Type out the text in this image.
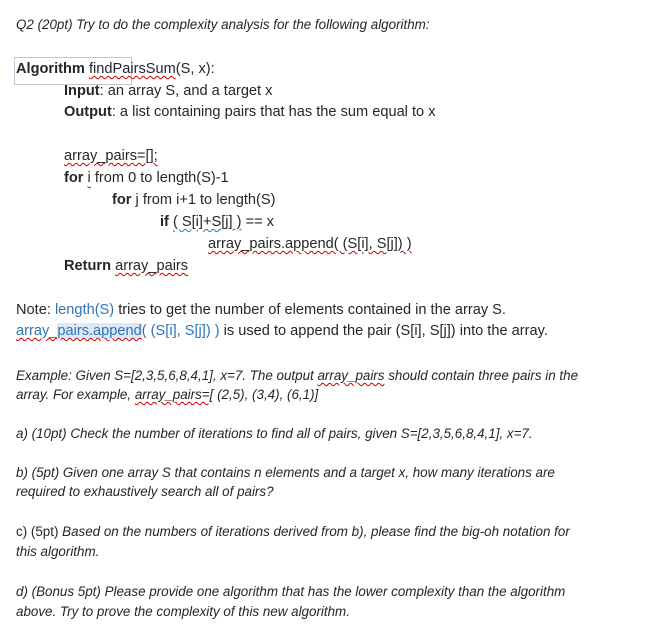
Q2 (20pt) Try to do the complexity analysis for the following algorithm:
Algorithm findPairsSum(S, x):
Input: an array S, and a target x
Output: a list containing pairs that has the sum equal to x
array_pairs=[];
for i from 0 to length(S)-1
for j from i+1 to length(S)
if ( S[i]+S[j] ) == x
array_pairs.append( (S[i], S[j]) )
Return array_pairs
Note: length(S) tries to get the number of elements contained in the array S.
array_pairs.append( (S[i], S[j]) ) is used to append the pair (S[i], S[j]) into the array.
Example: Given S=[2,3,5,6,8,4,1], x=7. The output array_pairs should contain three pairs in the
array. For example, array_pairs=[ (2,5), (3,4), (6,1)]
a) (10pt) Check the number of iterations to find all of pairs, given S=[2,3,5,6,8,4,1], x=7.
b) (5pt) Given one array S that contains n elements and a target x, how many iterations are
required to exhaustively search all of pairs?
c) (5pt) Based on the numbers of iterations derived from b), please find the big-oh notation for
this algorithm.
d) (Bonus 5pt) Please provide one algorithm that has the lower complexity than the algorithm
above. Try to prove the complexity of this new algorithm.
